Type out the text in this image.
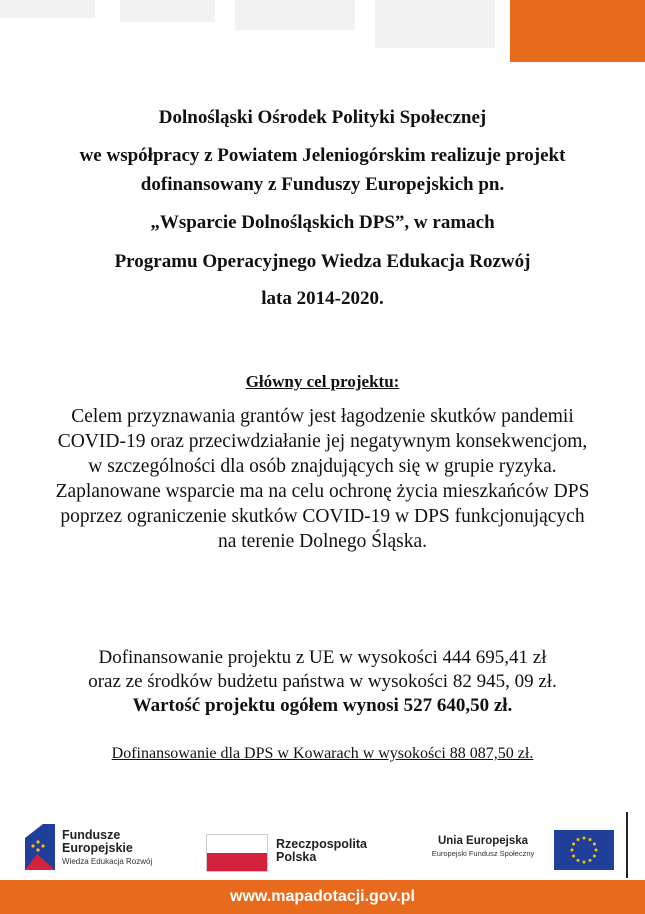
Dolnośląski Ośrodek Polityki Społecznej
we współpracy z Powiatem Jeleniogórskim realizuje projekt
dofinansowany z Funduszy Europejskich pn.
„Wsparcie Dolnośląskich DPS”, w ramach
Programu Operacyjnego Wiedza Edukacja Rozwój
lata 2014-2020.
Główny cel projektu:
Celem przyznawania grantów jest łagodzenie skutków pandemii
COVID-19 oraz przeciwdziałanie jej negatywnym konsekwencjom,
w szczególności dla osób znajdujących się w grupie ryzyka.
Zaplanowane wsparcie ma na celu ochronę życia mieszkańców DPS
poprzez ograniczenie skutków COVID-19 w DPS funkcjonujących
na terenie Dolnego Śląska.
Dofinansowanie projektu z UE w wysokości 444 695,41 zł
oraz ze środków budżetu państwa w wysokości 82 945, 09 zł.
Wartość projektu ogółem wynosi 527 640,50 zł.
Dofinansowanie dla DPS w Kowarach w wysokości 88 087,50 zł.
Fundusze
Europejskie
Wiedza Edukacja Rozwój
Rzeczpospolita
Polska
Unia Europejska
Europejski Fundusz Społeczny
www.mapadotacji.gov.pl
